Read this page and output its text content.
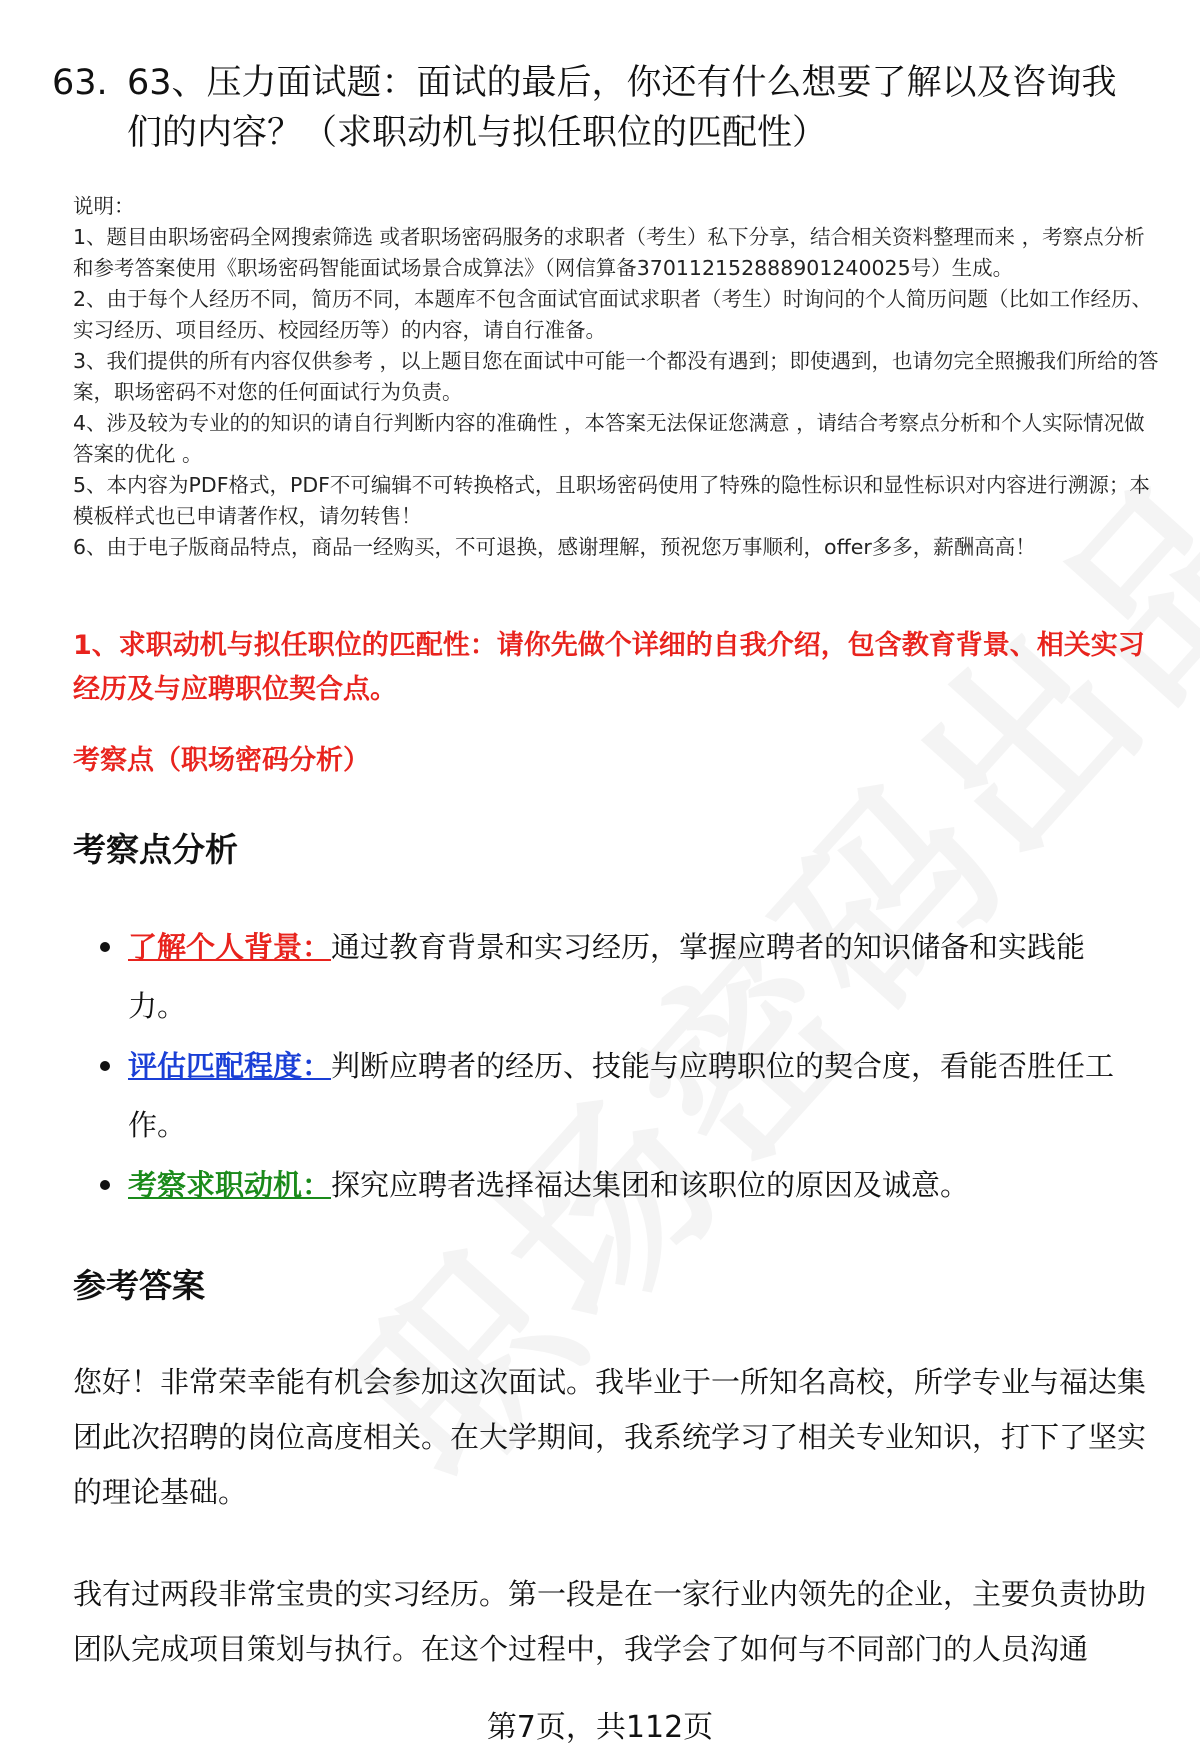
63. 63、压力面试题：面试的最后，你还有什么想要了解以及咨询我们的内容？（求职动机与拟任职位的匹配性）

说明：

1、题目由职场密码全网搜索筛选 或者职场密码服务的求职者（考生）私下分享，结合相关资料整理而来 ，考察点分析和参考答案使用《职场密码智能面试场景合成算法》（网信算备370112152888901240025号）生成。

2、由于每个人经历不同，简历不同，本题库不包含面试官面试求职者（考生）时询问的个人简历问题（比如工作经历、实习经历、项目经历、校园经历等）的内容，请自行准备。

3、我们提供的所有内容仅供参考 ，以上题目您在面试中可能一个都没有遇到；即使遇到，也请勿完全照搬我们所给的答案，职场密码不对您的任何面试行为负责。

4、涉及较为专业的的知识的请自行判断内容的准确性 ，本答案无法保证您满意 ，请结合考察点分析和个人实际情况做答案的优化 。

5、本内容为PDF格式，PDF不可编辑不可转换格式，且职场密码使用了特殊的隐性标识和显性标识对内容进行溯源；本模板样式也已申请著作权，请勿转售！

6、由于电子版商品特点，商品一经购买，不可退换，感谢理解，预祝您万事顺利，offer多多，薪酬高高！

1、求职动机与拟任职位的匹配性：请你先做个详细的自我介绍，包含教育背景、相关实习经历及与应聘职位契合点。
考察点（职场密码分析）
考察点分析
了解个人背景：通过教育背景和实习经历，掌握应聘者的知识储备和实践能力。
评估匹配程度：判断应聘者的经历、技能与应聘职位的契合度，看能否胜任工作。
考察求职动机：探究应聘者选择福达集团和该职位的原因及诚意。
参考答案

您好！非常荣幸能有机会参加这次面试。我毕业于一所知名高校，所学专业与福达集团此次招聘的岗位高度相关。在大学期间，我系统学习了相关专业知识，打下了坚实的理论基础。

我有过两段非常宝贵的实习经历。第一段是在一家行业内领先的企业，主要负责协助团队完成项目策划与执行。在这个过程中，我学会了如何与不同部门的人员沟通

第7页，共112页
